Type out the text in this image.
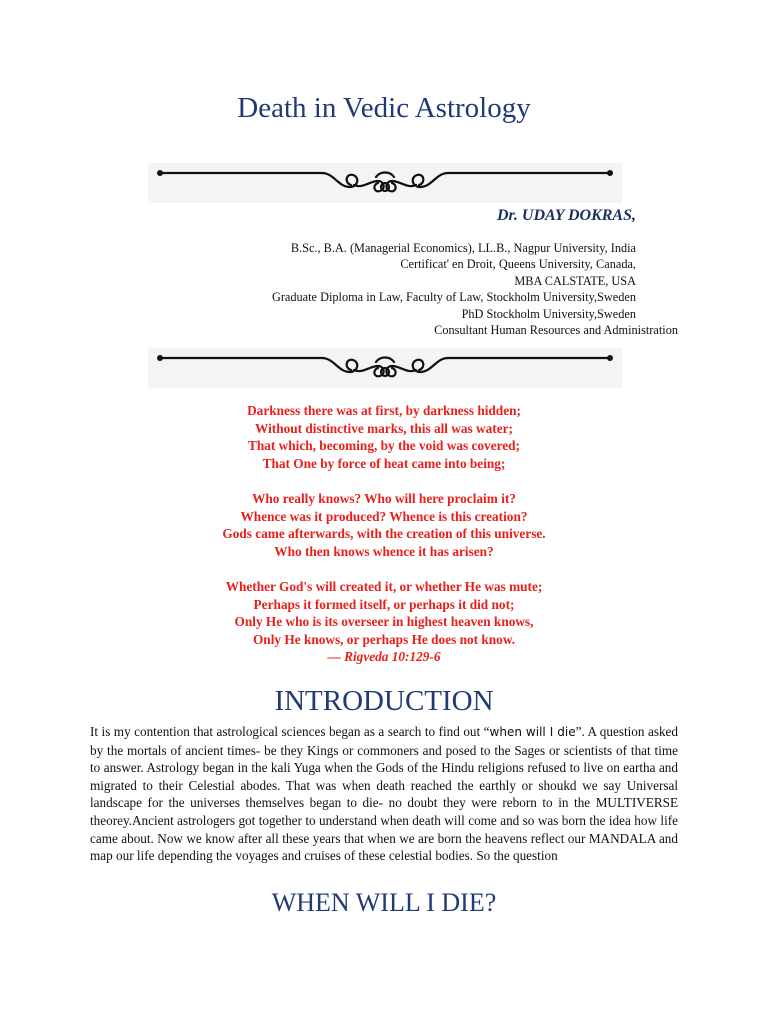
Death in Vedic Astrology
Dr. UDAY DOKRAS,
B.Sc., B.A. (Managerial Economics), LL.B., Nagpur University, India
Certificat' en Droit, Queens University, Canada,
MBA CALSTATE, USA
Graduate Diploma in Law, Faculty of Law, Stockholm University,Sweden
PhD Stockholm University,Sweden
Consultant Human Resources and Administration
Darkness there was at first, by darkness hidden;
Without distinctive marks, this all was water;
That which, becoming, by the void was covered;
That One by force of heat came into being;
Who really knows? Who will here proclaim it?
Whence was it produced? Whence is this creation?
Gods came afterwards, with the creation of this universe.
Who then knows whence it has arisen?
Whether God's will created it, or whether He was mute;
Perhaps it formed itself, or perhaps it did not;
Only He who is its overseer in highest heaven knows,
Only He knows, or perhaps He does not know.
— Rigveda 10:129-6
INTRODUCTION
It is my contention that astrological sciences began as a search to find out “when will I die”. A question asked by the mortals of ancient times- be they Kings or commoners and posed to the Sages or scientists of that time to answer. Astrology began in the kali Yuga when the Gods of the Hindu religions refused to live on eartha and migrated to their Celestial abodes. That was when death reached the earthly or shoukd we say Universal landscape for the universes themselves began to die- no doubt they were reborn to in the MULTIVERSE theorey.Ancient astrologers got together to understand when death will come and so was born the idea how life came about. Now we know after all these years that when we are born the heavens reflect our MANDALA and map our life depending the voyages and cruises of these celestial bodies. So the question
WHEN WILL I DIE?
